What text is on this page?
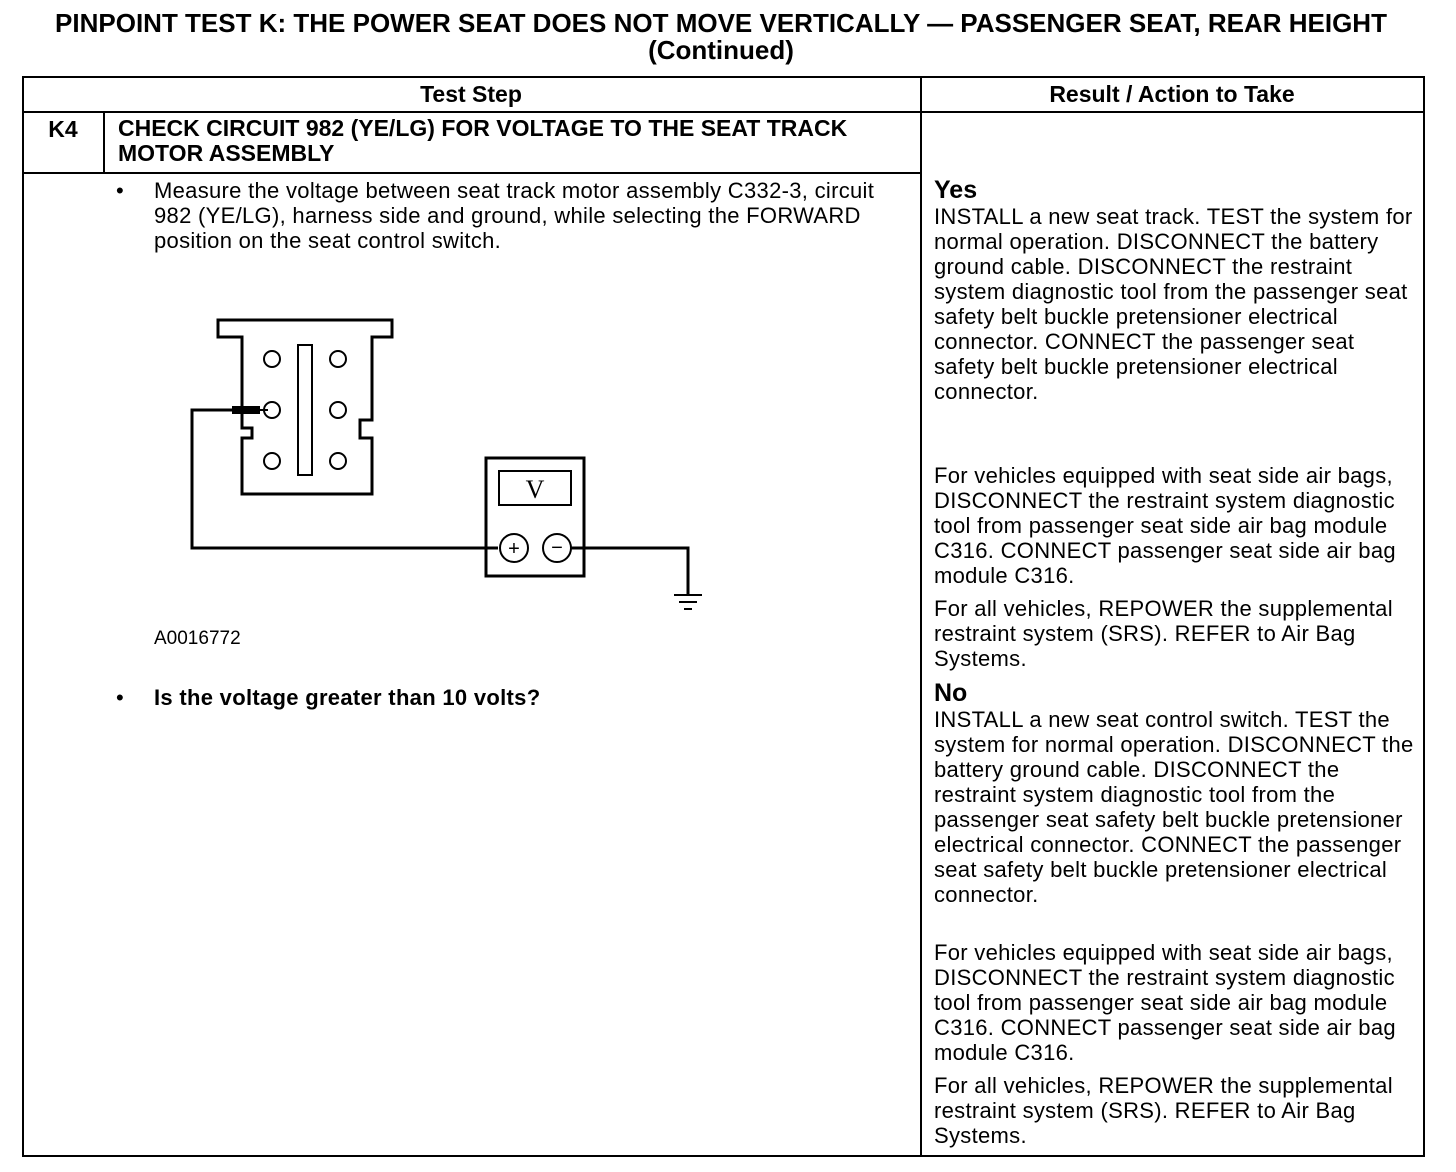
PINPOINT TEST K: THE POWER SEAT DOES NOT MOVE VERTICALLY — PASSENGER SEAT, REAR HEIGHT (Continued)
Test Step	Result / Action to Take
K4	CHECK CIRCUIT 982 (YE/LG) FOR VOLTAGE TO THE SEAT TRACK MOTOR ASSEMBLY
• Measure the voltage between seat track motor assembly C332-3, circuit 982 (YE/LG), harness side and ground, while selecting the FORWARD position on the seat control switch.
V
+ −
A0016772
• Is the voltage greater than 10 volts?
Yes
INSTALL a new seat track. TEST the system for normal operation. DISCONNECT the battery ground cable. DISCONNECT the restraint system diagnostic tool from the passenger seat safety belt buckle pretensioner electrical connector. CONNECT the passenger seat safety belt buckle pretensioner electrical connector.
For vehicles equipped with seat side air bags, DISCONNECT the restraint system diagnostic tool from passenger seat side air bag module C316. CONNECT passenger seat side air bag module C316.
For all vehicles, REPOWER the supplemental restraint system (SRS). REFER to Air Bag Systems.
No
INSTALL a new seat control switch. TEST the system for normal operation. DISCONNECT the battery ground cable. DISCONNECT the restraint system diagnostic tool from the passenger seat safety belt buckle pretensioner electrical connector. CONNECT the passenger seat safety belt buckle pretensioner electrical connector.
For vehicles equipped with seat side air bags, DISCONNECT the restraint system diagnostic tool from passenger seat side air bag module C316. CONNECT passenger seat side air bag module C316.
For all vehicles, REPOWER the supplemental restraint system (SRS). REFER to Air Bag Systems.
